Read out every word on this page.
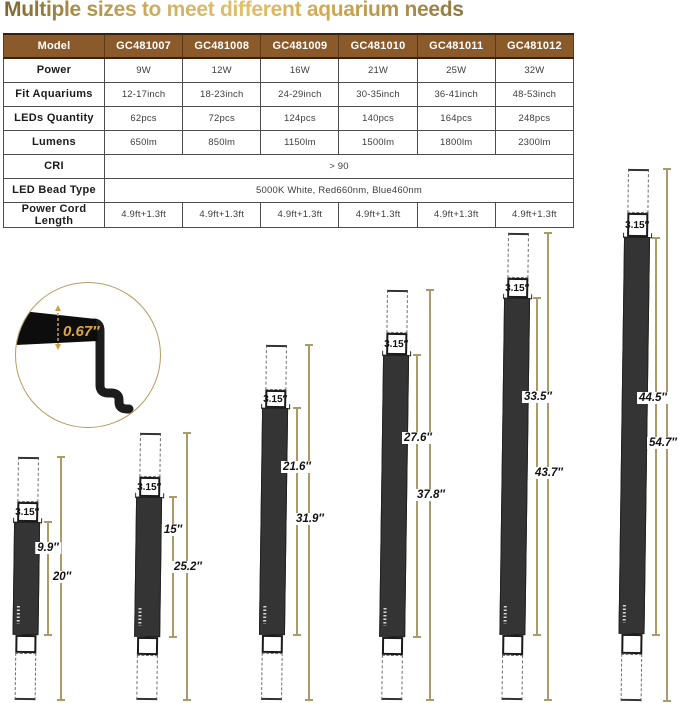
Multiple sizes to meet different aquarium needs
Model	GC481007	GC481008	GC481009	GC481010	GC481011	GC481012
Power	9W	12W	16W	21W	25W	32W
Fit Aquariums	12-17inch	18-23inch	24-29inch	30-35inch	36-41inch	48-53inch
LEDs Quantity	62pcs	72pcs	124pcs	140pcs	164pcs	248pcs
Lumens	650lm	850lm	1150lm	1500lm	1800lm	2300lm
CRI	> 90					
LED Bead Type	5000K White, Red660nm, Blue460nm					
Power Cord Length	4.9ft+1.3ft	4.9ft+1.3ft	4.9ft+1.3ft	4.9ft+1.3ft	4.9ft+1.3ft	4.9ft+1.3ft
0.67″
3.15″
9.9″
20″
3.15″
15″
25.2″
3.15″
21.6″
31.9″
3.15″
27.6″
37.8″
3.15″
33.5″
43.7″
3.15″
44.5″
54.7″
